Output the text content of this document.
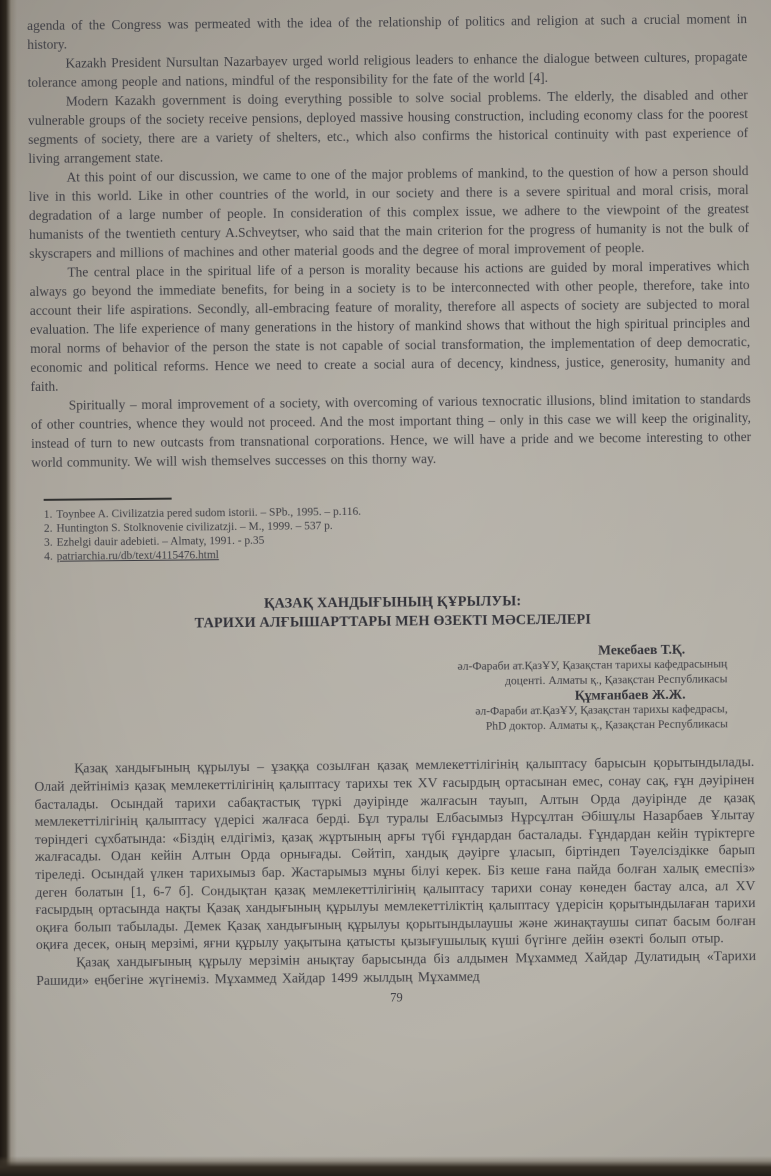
agenda of the Congress was permeated with the idea of the relationship of politics and religion at such a crucial moment in history.

Kazakh President Nursultan Nazarbayev urged world religious leaders to enhance the dialogue between cultures, propagate tolerance among people and nations, mindful of the responsibility for the fate of the world [4].

Modern Kazakh government is doing everything possible to solve social problems. The elderly, the disabled and other vulnerable groups of the society receive pensions, deployed massive housing construction, including economy class for the poorest segments of society, there are a variety of shelters, etc., which also confirms the historical continuity with past experience of living arrangement state.

At this point of our discussion, we came to one of the major problems of mankind, to the question of how a person should live in this world. Like in other countries of the world, in our society and there is a severe spiritual and moral crisis, moral degradation of a large number of people. In consideration of this complex issue, we adhere to the viewpoint of the greatest humanists of the twentieth century A.Schveytser, who said that the main criterion for the progress of humanity is not the bulk of skyscrapers and millions of machines and other material goods and the degree of moral improvement of people.

The central place in the spiritual life of a person is morality because his actions are guided by moral imperatives which always go beyond the immediate benefits, for being in a society is to be interconnected with other people, therefore, take into account their life aspirations. Secondly, all-embracing feature of morality, therefore all aspects of society are subjected to moral evaluation. The life experience of many generations in the history of mankind shows that without the high spiritual principles and moral norms of behavior of the person the state is not capable of social transformation, the implementation of deep democratic, economic and political reforms. Hence we need to create a social aura of decency, kindness, justice, generosity, humanity and faith.

Spiritually – moral improvement of a society, with overcoming of various texnocratic illusions, blind imitation to standards of other countries, whence they would not proceed. And the most important thing – only in this case we will keep the originality, instead of turn to new outcasts from transnational corporations. Hence, we will have a pride and we become interesting to other world community. We will wish themselves successes on this thorny way.

1. Toynbee A. Civilizatzia pered sudom istorii. – SPb., 1995. – p.116.
2. Huntington S. Stolknovenie civilizatzji. – M., 1999. – 537 p.
3. Ezhelgi dauir adebieti. – Almaty, 1991. - p.35
4. patriarchia.ru/db/text/4115476.html
ҚАЗАҚ ХАНДЫҒЫНЫҢ ҚҰРЫЛУЫ:
ТАРИХИ АЛҒЫШАРТТАРЫ МЕН ӨЗЕКТІ МӘСЕЛЕЛЕРІ
Мекебаев Т.Қ.
әл-Фараби ат.ҚазҰУ, Қазақстан тарихы кафедрасының
доценті. Алматы қ., Қазақстан Республикасы
Құмғанбаев Ж.Ж.
әл-Фараби ат.ҚазҰУ, Қазақстан тарихы кафедрасы,
PhD доктор. Алматы қ., Қазақстан Республикасы

Қазақ хандығының құрылуы – ұзаққа созылған қазақ мемлекеттілігінің қалыптасу барысын қорытындылады. Олай дейтініміз қазақ мемлекеттілігінің қалыптасу тарихы тек XV ғасырдың ортасынан емес, сонау сақ, ғұн дәуірінен басталады. Осындай тарихи сабақтастық түркі дәуірінде жалғасын тауып, Алтын Орда дәуірінде де қазақ мемлекеттілігінің қалыптасу үдерісі жалғаса берді. Бұл туралы Елбасымыз Нұрсұлтан Әбішұлы Назарбаев Ұлытау төріндегі сұхбатында: «Біздің елдігіміз, қазақ жұртының арғы түбі ғұндардан басталады. Ғұндардан кейін түріктерге жалғасады. Одан кейін Алтын Орда орнығады. Сөйтіп, хандық дәуірге ұласып, біртіндеп Тәуелсіздікке барып тіреледі. Осындай үлкен тарихымыз бар. Жастарымыз мұны білуі керек. Біз кеше ғана пайда болған халық емеспіз» деген болатын [1, 6-7 б]. Сондықтан қазақ мемлекеттілігінің қалыптасу тарихи сонау көнеден бастау алса, ал XV ғасырдың ортасында нақты Қазақ хандығының құрылуы мемлекеттіліктің қалыптасу үдерісін қорытындылаған тарихи оқиға болып табылады. Демек Қазақ хандығының құрылуы қорытындылаушы және жинақтаушы сипат басым болған оқиға десек, оның мерзімі, яғни құрылу уақытына қатысты қызығушылық күші бүгінге дейін өзекті болып отыр.

Қазақ хандығының құрылу мерзімін анықтау барысында біз алдымен Мұхаммед Хайдар Дулатидың «Тарихи Рашиди» еңбегіне жүгінеміз. Мұхаммед Хайдар 1499 жылдың Мұхаммед

79
